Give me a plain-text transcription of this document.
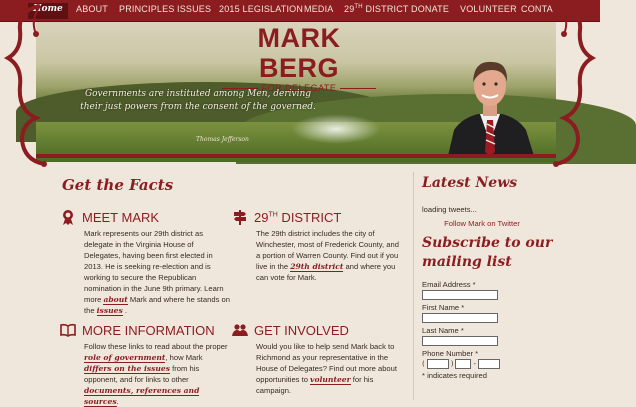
Home	ABOUT PRINCIPLES ISSUES 2015 LEGISLATION MEDIA 29TH DISTRICT DONATE VOLUNTEER CONTA
MARK BERG
FOR DELEGATE
Governments are instituted among Men, deriving
their just powers from the consent of the governed.
Thomas Jefferson
Get the Facts
MEET MARK
Mark represents our 29th district as delegate in the Virginia House of Delegates, having been first elected in 2013. He is seeking re-election and is working to secure the Republican nomination in the June 9th primary. Learn more about Mark and where he stands on the issues .
29TH DISTRICT
The 29th district includes the city of Winchester, most of Frederick County, and a portion of Warren County. Find out if you live in the 29th district and where you can vote for Mark.
MORE INFORMATION
Follow these links to read about the proper role of government, how Mark differs on the issues from his opponent, and for links to other documents, references and sources.
GET INVOLVED
Would you like to help send Mark back to Richmond as your representative in the House of Delegates? Find out more about opportunities to volunteer for his campaign.
Latest News
loading tweets...
Follow Mark on Twitter
Subscribe to our
mailing list
Email Address *
First Name *
Last Name *
Phone Number *
(	)	-
* indicates required
